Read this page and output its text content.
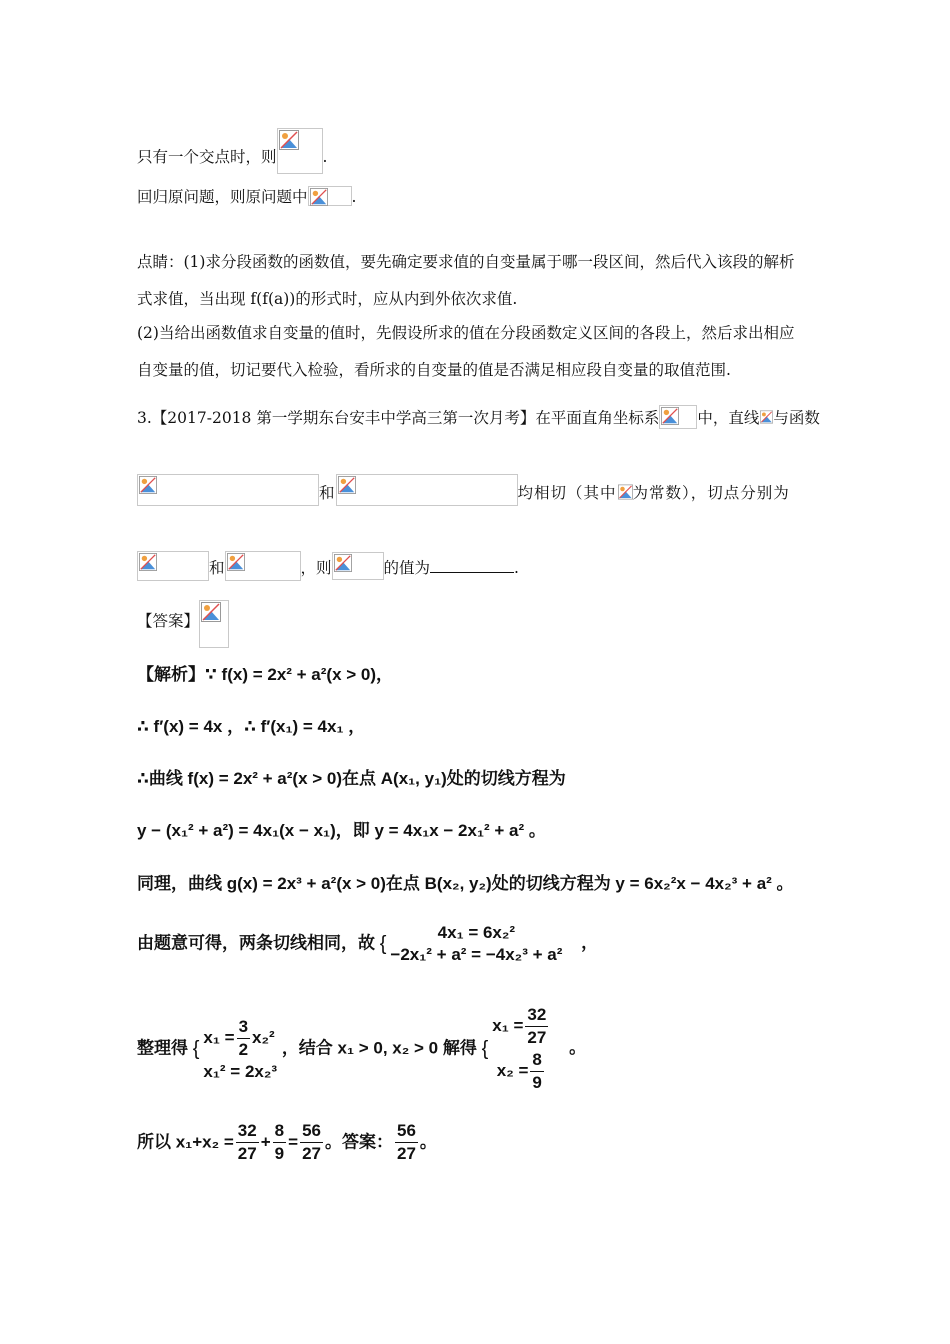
只有一个交点时，则	.
回归原问题，则原问题中	.
点睛：(1)求分段函数的函数值，要先确定要求值的自变量属于哪一段区间，然后代入该段的解析
式求值，当出现 f(f(a))的形式时，应从内到外依次求值.
(2)当给出函数值求自变量的值时，先假设所求的值在分段函数定义区间的各段上，然后求出相应
自变量的值，切记要代入检验，看所求的自变量的值是否满足相应段自变量的取值范围.
3.【2017-2018 第一学期东台安丰中学高三第一次月考】在平面直角坐标系 中，直线 与函数
和	均相切（其中 为常数），切点分别为
和	，则	的值为	.
【答案】
【解析】∵ f(x) = 2x² + a²(x > 0)，
∴ f′(x) = 4x ，∴ f′(x₁) = 4x₁ ，
∴曲线 f(x) = 2x² + a²(x > 0)在点 A(x₁, y₁)处的切线方程为
y − (x₁² + a²) = 4x₁(x − x₁)，即 y = 4x₁x − 2x₁² + a² 。
同理，曲线 g(x) = 2x³ + a²(x > 0)在点 B(x₂, y₂)处的切线方程为 y = 6x₂²x − 4x₂³ + a² 。
由题意可得，两条切线相同，故 {
4x₁ = 6x₂²
−2x₁² + a² = −4x₂³ + a²
，
整理得 {
$x_1 = \frac{3}{2} x_2^2$
x₁² = 2x₂³
，结合 x₁ > 0, x₂ > 0 解得 {
$x_1 = \frac{32}{27}$
$x_2 = \frac{8}{9}$
。
所以 $x_1+x_2 = \frac{32}{27} + \frac{8}{9} = \frac{56}{27}$ 。答案： $\frac{56}{27}$ 。
